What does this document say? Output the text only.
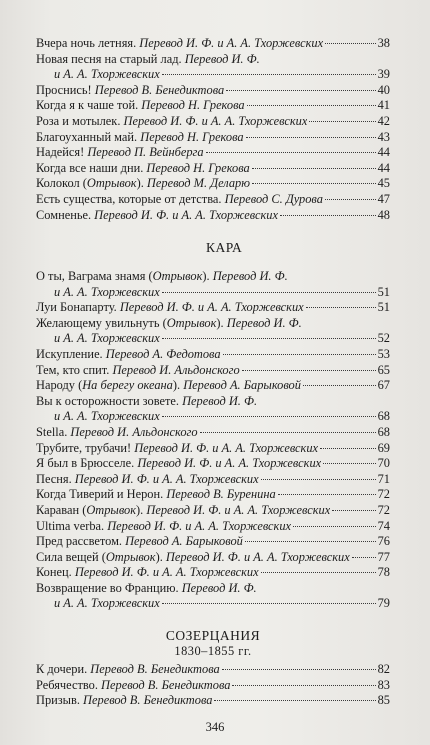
Вчера ночь летняя. Перевод И. Ф. и А. А. Тхоржевских	38
Новая песня на старый лад. Перевод И. Ф.
и А. А. Тхоржевских	39
Проснись! Перевод В. Бенедиктова	40
Когда я к чаше той. Перевод Н. Грекова	41
Роза и мотылек. Перевод И. Ф. и А. А. Тхоржевских	42
Благоуханный май. Перевод Н. Грекова	43
Надейся! Перевод П. Вейнберга	44
Когда все наши дни. Перевод Н. Грекова	44
Колокол (Отрывок). Перевод М. Деларю	45
Есть существа, которые от детства. Перевод С. Дурова	47
Сомненье. Перевод И. Ф. и А. А. Тхоржевских	48
КАРА
О ты, Ваграма знамя (Отрывок). Перевод И. Ф.
и А. А. Тхоржевских	51
Луи Бонапарту. Перевод И. Ф. и А. А. Тхоржевских	51
Желающему увильнуть (Отрывок). Перевод И. Ф.
и А. А. Тхоржевских	52
Искупление. Перевод А. Федотова	53
Тем, кто спит. Перевод И. Альдонского	65
Народу (На берегу океана). Перевод А. Барыковой	67
Вы к осторожности зовете. Перевод И. Ф.
и А. А. Тхоржевских	68
Stella. Перевод И. Альдонского	68
Трубите, трубачи! Перевод И. Ф. и А. А. Тхоржевских	69
Я был в Брюсселе. Перевод И. Ф. и А. А. Тхоржевских	70
Песня. Перевод И. Ф. и А. А. Тхоржевских	71
Когда Тиверий и Нерон. Перевод В. Буренина	72
Караван (Отрывок). Перевод И. Ф. и А. А. Тхоржевских	72
Ultima verba. Перевод И. Ф. и А. А. Тхоржевских	74
Пред рассветом. Перевод А. Барыковой	76
Сила вещей (Отрывок). Перевод И. Ф. и А. А. Тхоржевских 77
Конец. Перевод И. Ф. и А. А. Тхоржевских	78
Возвращение во Францию. Перевод И. Ф.
и А. А. Тхоржевских	79
СОЗЕРЦАНИЯ
1830–1855 гг.
К дочери. Перевод В. Бенедиктова	82
Ребячество. Перевод В. Бенедиктова	83
Призыв. Перевод В. Бенедиктова	85
346
